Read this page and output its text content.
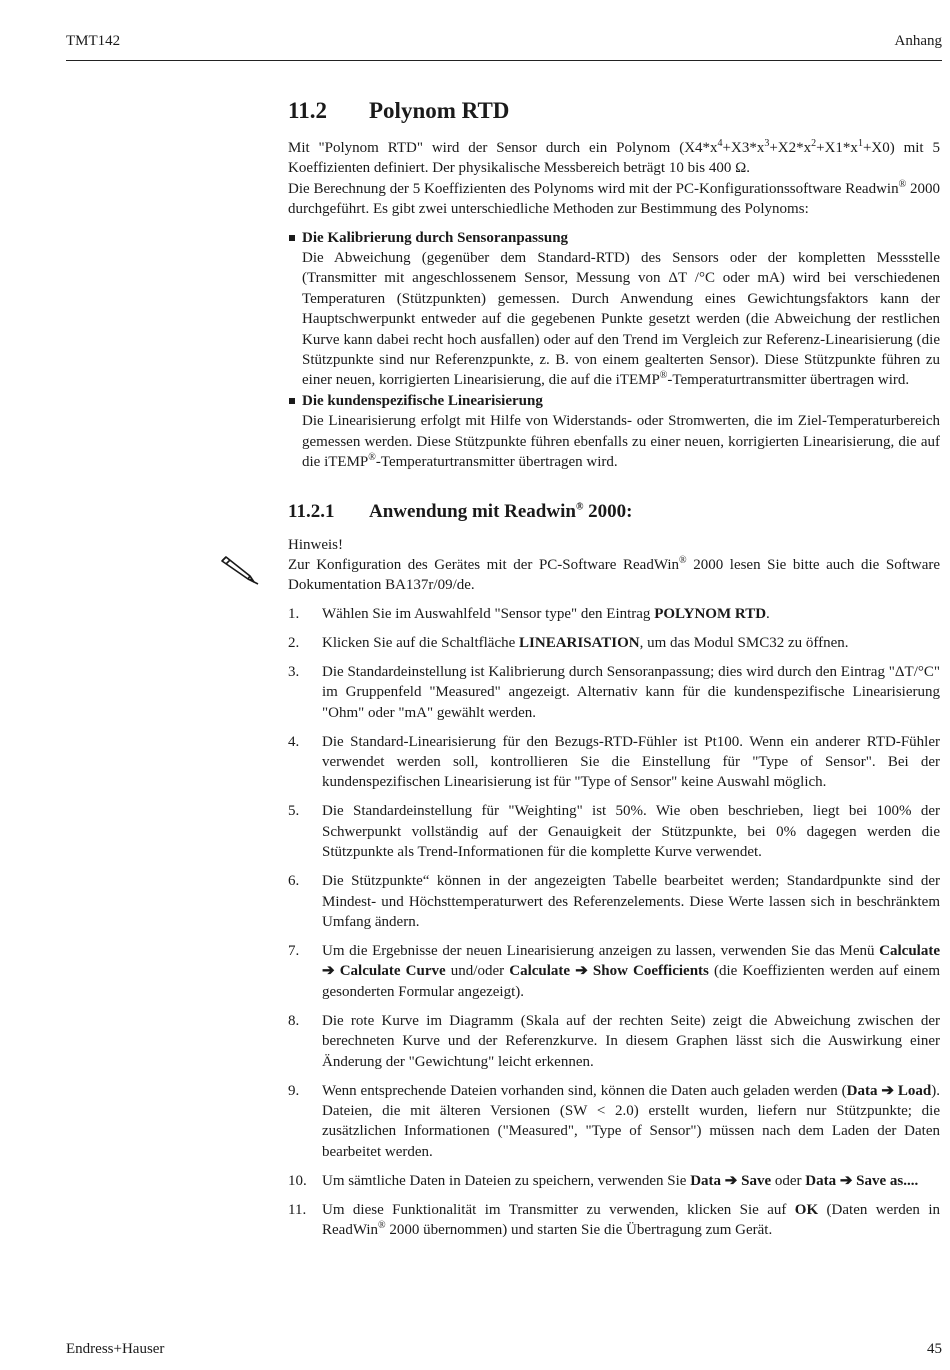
TMT142	Anhang
11.2 Polynom RTD

Mit "Polynom RTD" wird der Sensor durch ein Polynom $(X4*x^4+X3*x^3+X2*x^2+X1*x^1+X0)$ mit 5 Koeffizienten definiert. Der physikalische Messbereich beträgt 10 bis 400 Ω.

Die Berechnung der 5 Koeffizienten des Polynoms wird mit der PC-Konfigurationssoftware Readwin® 2000 durchgeführt. Es gibt zwei unterschiedliche Methoden zur Bestimmung des Polynoms:

Die Kalibrierung durch Sensoranpassung
Die Abweichung (gegenüber dem Standard-RTD) des Sensors oder der kompletten Messstelle (Transmitter mit angeschlossenem Sensor, Messung von ΔT /°C oder mA) wird bei verschiedenen Temperaturen (Stützpunkten) gemessen. Durch Anwendung eines Gewichtungsfaktors kann der Hauptschwerpunkt entweder auf die gegebenen Punkte gesetzt werden (die Abweichung der restlichen Kurve kann dabei recht hoch ausfallen) oder auf den Trend im Vergleich zur Referenz-Linearisierung (die Stützpunkte sind nur Referenzpunkte, z. B. von einem gealterten Sensor). Diese Stützpunkte führen zu einer neuen, korrigierten Linearisierung, die auf die iTEMP®-Temperaturtransmitter übertragen wird.
Die kundenspezifische Linearisierung
Die Linearisierung erfolgt mit Hilfe von Widerstands- oder Stromwerten, die im Ziel-Temperaturbereich gemessen werden. Diese Stützpunkte führen ebenfalls zu einer neuen, korrigierten Linearisierung, die auf die iTEMP®-Temperaturtransmitter übertragen wird.
11.2.1 Anwendung mit Readwin® 2000:

Hinweis!

Zur Konfiguration des Gerätes mit der PC-Software ReadWin® 2000 lesen Sie bitte auch die Software Dokumentation BA137r/09/de.

1. Wählen Sie im Auswahlfeld "Sensor type" den Eintrag POLYNOM RTD.
2. Klicken Sie auf die Schaltfläche LINEARISATION, um das Modul SMC32 zu öffnen.
3. Die Standardeinstellung ist Kalibrierung durch Sensoranpassung; dies wird durch den Eintrag "ΔT/°C" im Gruppenfeld "Measured" angezeigt. Alternativ kann für die kundenspezifische Linearisierung "Ohm" oder "mA" gewählt werden.
4. Die Standard-Linearisierung für den Bezugs-RTD-Fühler ist Pt100. Wenn ein anderer RTD-Fühler verwendet werden soll, kontrollieren Sie die Einstellung für "Type of Sensor". Bei der kundenspezifischen Linearisierung ist für "Type of Sensor" keine Auswahl möglich.
5. Die Standardeinstellung für "Weighting" ist 50%. Wie oben beschrieben, liegt bei 100% der Schwerpunkt vollständig auf der Genauigkeit der Stützpunkte, bei 0% dagegen werden die Stützpunkte als Trend-Informationen für die komplette Kurve verwendet.
6. Die Stützpunkte“ können in der angezeigten Tabelle bearbeitet werden; Standardpunkte sind der Mindest- und Höchsttemperaturwert des Referenzelements. Diese Werte lassen sich in beschränktem Umfang ändern.
7. Um die Ergebnisse der neuen Linearisierung anzeigen zu lassen, verwenden Sie das Menü Calculate ➔ Calculate Curve und/oder Calculate ➔ Show Coefficients (die Koeffizienten werden auf einem gesonderten Formular angezeigt).
8. Die rote Kurve im Diagramm (Skala auf der rechten Seite) zeigt die Abweichung zwischen der berechneten Kurve und der Referenzkurve. In diesem Graphen lässt sich die Auswirkung einer Änderung der "Gewichtung" leicht erkennen.
9. Wenn entsprechende Dateien vorhanden sind, können die Daten auch geladen werden (Data ➔ Load). Dateien, die mit älteren Versionen (SW < 2.0) erstellt wurden, liefern nur Stützpunkte; die zusätzlichen Informationen ("Measured", "Type of Sensor") müssen nach dem Laden der Daten bearbeitet werden.
10. Um sämtliche Daten in Dateien zu speichern, verwenden Sie Data ➔ Save oder Data ➔ Save as....
11. Um diese Funktionalität im Transmitter zu verwenden, klicken Sie auf OK (Daten werden in ReadWin® 2000 übernommen) und starten Sie die Übertragung zum Gerät.
Endress+Hauser	45
